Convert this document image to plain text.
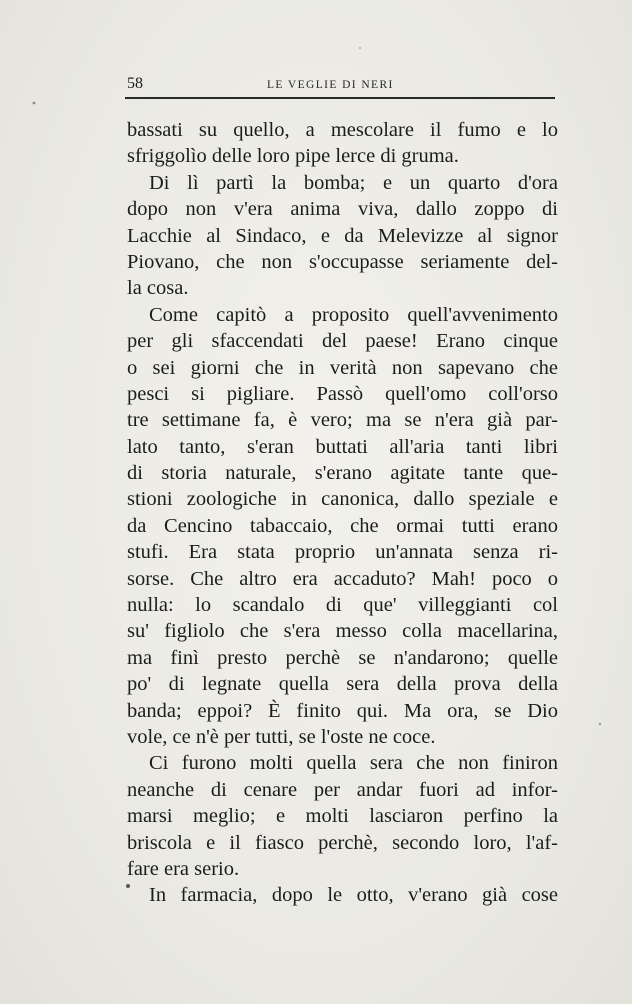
58	LE VEGLIE DI NERI
bassati su quello, a mescolare il fumo e lo
sfriggolìo delle loro pipe lerce di gruma.
Di lì partì la bomba; e un quarto d'ora
dopo non v'era anima viva, dallo zoppo di
Lacchie al Sindaco, e da Melevizze al signor
Piovano, che non s'occupasse seriamente del-
la cosa.
Come capitò a proposito quell'avvenimento
per gli sfaccendati del paese! Erano cinque
o sei giorni che in verità non sapevano che
pesci si pigliare. Passò quell'omo coll'orso
tre settimane fa, è vero; ma se n'era già par-
lato tanto, s'eran buttati all'aria tanti libri
di storia naturale, s'erano agitate tante que-
stioni zoologiche in canonica, dallo speziale e
da Cencino tabaccaio, che ormai tutti erano
stufi. Era stata proprio un'annata senza ri-
sorse. Che altro era accaduto? Mah! poco o
nulla: lo scandalo di que' villeggianti col
su' figliolo che s'era messo colla macellarina,
ma finì presto perchè se n'andarono; quelle
po' di legnate quella sera della prova della
banda; eppoi? È finito qui. Ma ora, se Dio
vole, ce n'è per tutti, se l'oste ne coce.
Ci furono molti quella sera che non finiron
neanche di cenare per andar fuori ad infor-
marsi meglio; e molti lasciaron perfino la
briscola e il fiasco perchè, secondo loro, l'af-
fare era serio.
In farmacia, dopo le otto, v'erano già cose
